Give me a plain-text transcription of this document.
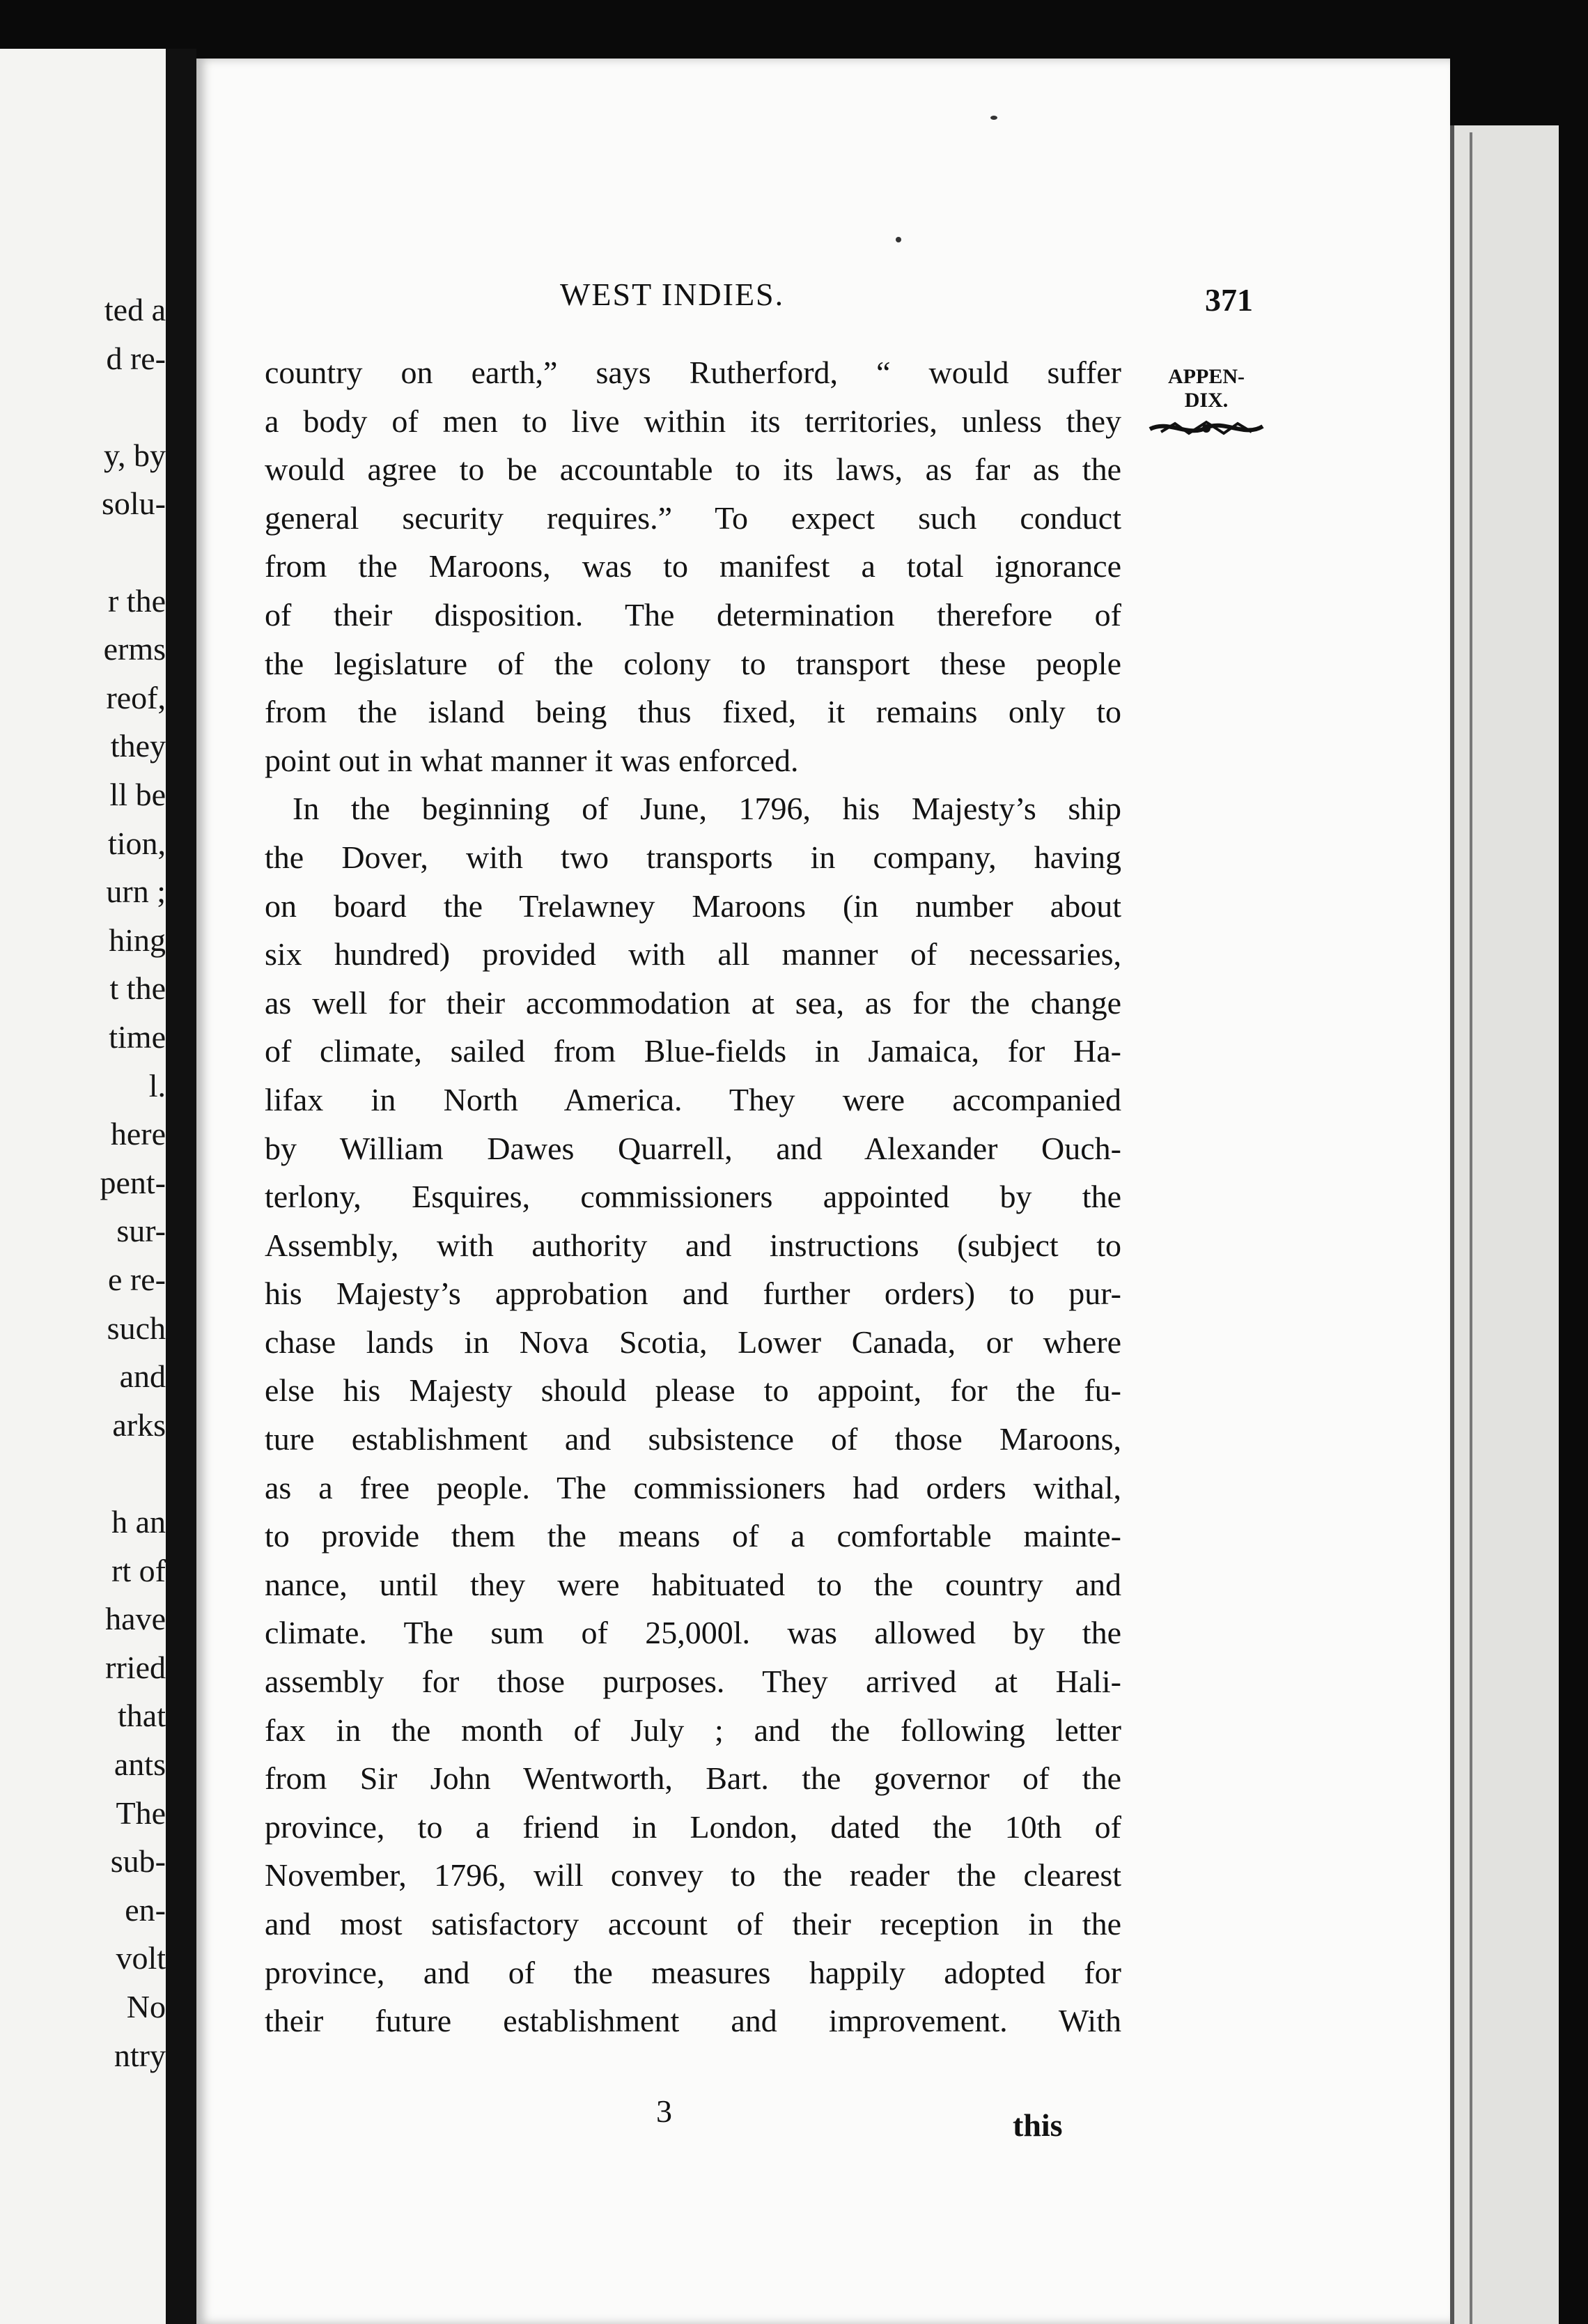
ted a
d re-
y, by
solu-
r the
erms
reof,
they
ll be
tion,
urn ;
hing
t the
time
l.
here
pent-
sur-
e re-
such
and
arks
h an
rt of
have
rried
that
ants
The
sub-
en-
volt
No
ntry
WEST INDIES.	371
APPEN-
DIX.
country on earth,” says Rutherford, “ would suffer
a body of men to live within its territories, unless they
would agree to be accountable to its laws, as far as the
general security requires.” To expect such conduct
from the Maroons, was to manifest a total ignorance
of their disposition. The determination therefore of
the legislature of the colony to transport these people
from the island being thus fixed, it remains only to
point out in what manner it was enforced.
In the beginning of June, 1796, his Majesty’s ship
the Dover, with two transports in company, having
on board the Trelawney Maroons (in number about
six hundred) provided with all manner of necessaries,
as well for their accommodation at sea, as for the change
of climate, sailed from Blue-fields in Jamaica, for Ha-
lifax in North America. They were accompanied
by William Dawes Quarrell, and Alexander Ouch-
terlony, Esquires, commissioners appointed by the
Assembly, with authority and instructions (subject to
his Majesty’s approbation and further orders) to pur-
chase lands in Nova Scotia, Lower Canada, or where
else his Majesty should please to appoint, for the fu-
ture establishment and subsistence of those Maroons,
as a free people. The commissioners had orders withal,
to provide them the means of a comfortable mainte-
nance, until they were habituated to the country and
climate. The sum of 25,000l. was allowed by the
assembly for those purposes. They arrived at Hali-
fax in the month of July ; and the following letter
from Sir John Wentworth, Bart. the governor of the
province, to a friend in London, dated the 10th of
November, 1796, will convey to the reader the clearest
and most satisfactory account of their reception in the
province, and of the measures happily adopted for
their future establishment and improvement. With
3	this
